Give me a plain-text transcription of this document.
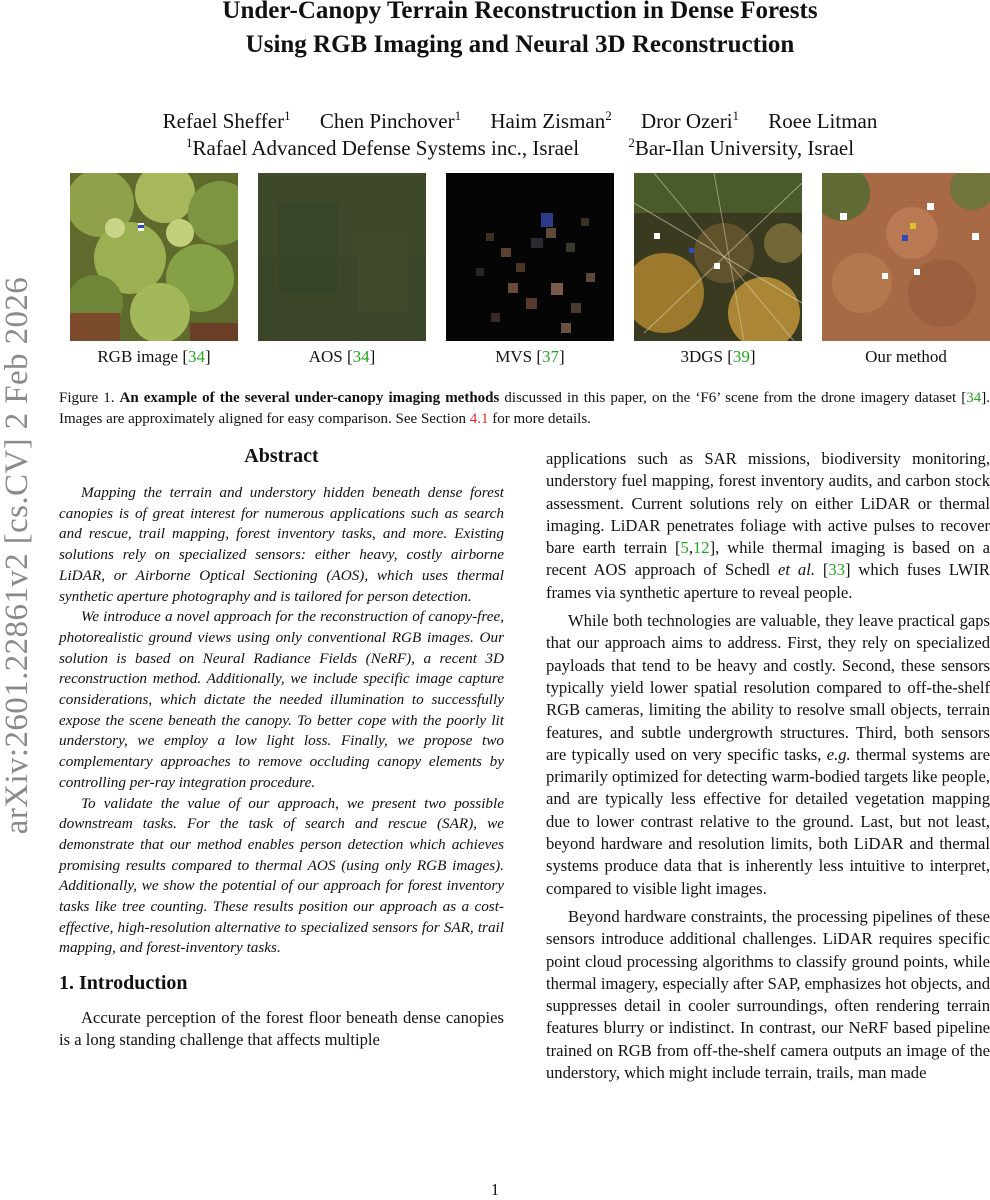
arXiv:2601.22861v2 [cs.CV] 2 Feb 2026
Under-Canopy Terrain Reconstruction in Dense Forests
Using RGB Imaging and Neural 3D Reconstruction
Refael Sheffer$^1$ Chen Pinchover$^1$ Haim Zisman$^2$ Dror Ozeri$^1$ Roee Litman
$^1$Rafael Advanced Defense Systems inc., Israel	$^2$Bar-Ilan University, Israel
RGB image [34]	AOS [34]	MVS [37]	3DGS [39]	Our method
Figure 1. An example of the several under-canopy imaging methods discussed in this paper, on the ‘F6’ scene from the drone imagery dataset [34]. Images are approximately aligned for easy comparison. See Section 4.1 for more details.
Abstract

Mapping the terrain and understory hidden beneath dense forest canopies is of great interest for numerous applications such as search and rescue, trail mapping, forest inventory tasks, and more. Existing solutions rely on specialized sensors: either heavy, costly airborne LiDAR, or Airborne Optical Sectioning (AOS), which uses thermal synthetic aperture photography and is tailored for person detection.

We introduce a novel approach for the reconstruction of canopy-free, photorealistic ground views using only conventional RGB images. Our solution is based on Neural Radiance Fields (NeRF), a recent 3D reconstruction method. Additionally, we include specific image capture considerations, which dictate the needed illumination to successfully expose the scene beneath the canopy. To better cope with the poorly lit understory, we employ a low light loss. Finally, we propose two complementary approaches to remove occluding canopy elements by controlling per-ray integration procedure.

To validate the value of our approach, we present two possible downstream tasks. For the task of search and rescue (SAR), we demonstrate that our method enables person detection which achieves promising results compared to thermal AOS (using only RGB images). Additionally, we show the potential of our approach for forest inventory tasks like tree counting. These results position our approach as a cost-effective, high-resolution alternative to specialized sensors for SAR, trail mapping, and forest-inventory tasks.

1. Introduction

Accurate perception of the forest floor beneath dense canopies is a long standing challenge that affects multiple

applications such as SAR missions, biodiversity monitoring, understory fuel mapping, forest inventory audits, and carbon stock assessment. Current solutions rely on either LiDAR or thermal imaging. LiDAR penetrates foliage with active pulses to recover bare earth terrain [5,12], while thermal imaging is based on a recent AOS approach of Schedl et al. [33] which fuses LWIR frames via synthetic aperture to reveal people.

While both technologies are valuable, they leave practical gaps that our approach aims to address. First, they rely on specialized payloads that tend to be heavy and costly. Second, these sensors typically yield lower spatial resolution compared to off-the-shelf RGB cameras, limiting the ability to resolve small objects, terrain features, and subtle undergrowth structures. Third, both sensors are typically used on very specific tasks, e.g. thermal systems are primarily optimized for detecting warm-bodied targets like people, and are typically less effective for detailed vegetation mapping due to lower contrast relative to the ground. Last, but not least, beyond hardware and resolution limits, both LiDAR and thermal systems produce data that is inherently less intuitive to interpret, compared to visible light images.

Beyond hardware constraints, the processing pipelines of these sensors introduce additional challenges. LiDAR requires specific point cloud processing algorithms to classify ground points, while thermal imagery, especially after SAP, emphasizes hot objects, and suppresses detail in cooler surroundings, often rendering terrain features blurry or indistinct. In contrast, our NeRF based pipeline trained on RGB from off-the-shelf camera outputs an image of the understory, which might include terrain, trails, man made

1
